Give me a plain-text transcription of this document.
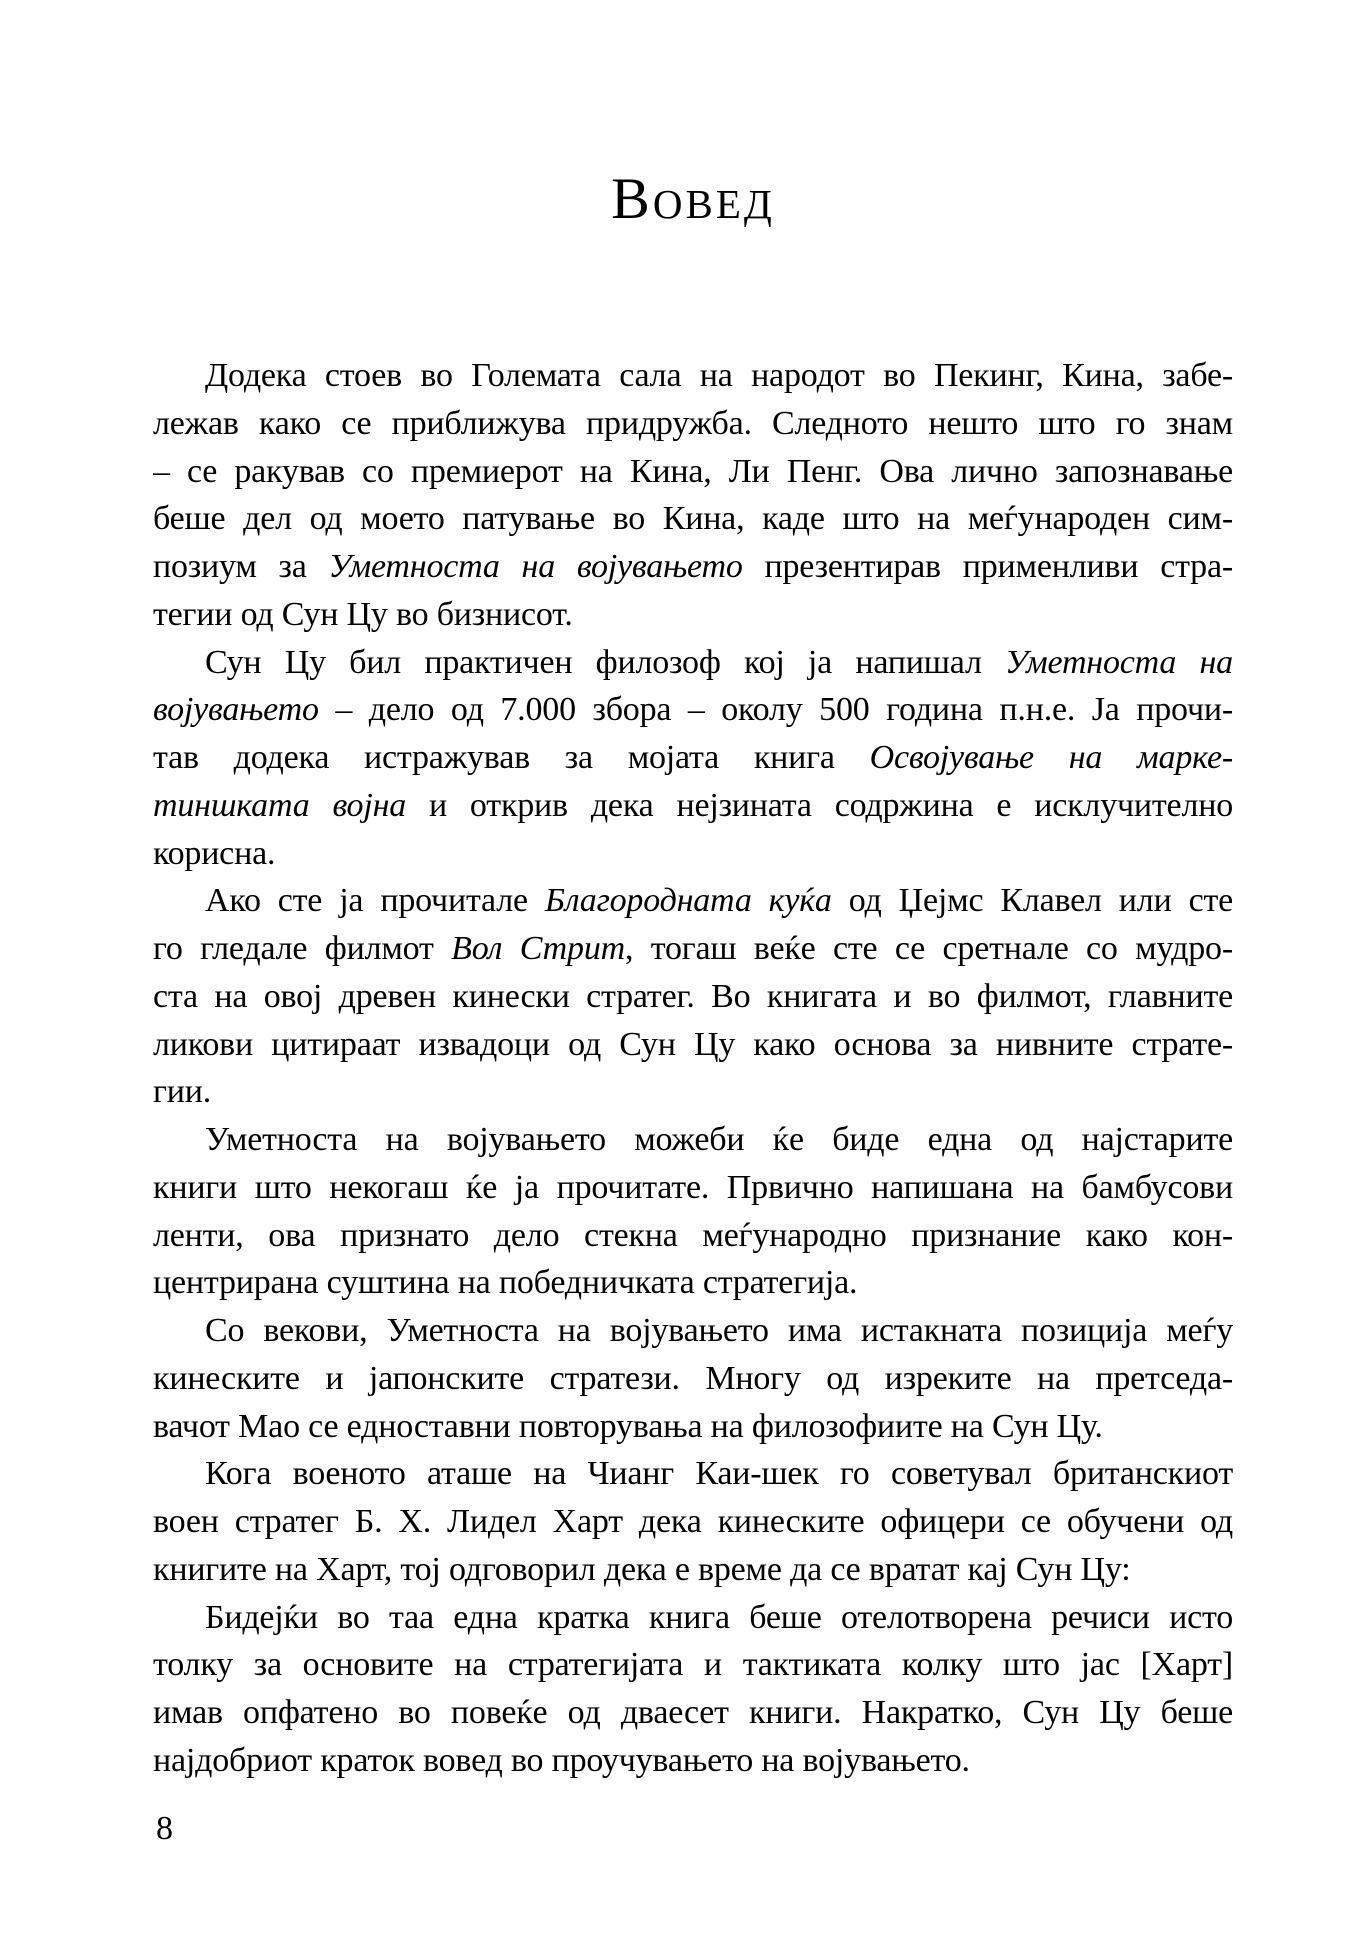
Вовед
Додека стоев во Големата сала на народот во Пекинг, Кина, забе-
лежав како се приближува придружба. Следното нешто што го знам
– се ракував со премиерот на Кина, Ли Пенг. Ова лично запознавање
беше дел од моето патување во Кина, каде што на меѓународен сим-
позиум за Уметноста на војувањето презентирав применливи стра-
тегии од Сун Цу во бизнисот.
Сун Цу бил практичен филозоф кој ја напишал Уметноста на
војувањето – дело од 7.000 збора – околу 500 година п.н.е. Ја прочи-
тав додека истражував за мојата книга Освојување на марке-
тиншката војна и открив дека нејзината содржина е исклучително
корисна.
Ако сте ја прочитале Благородната куќа од Џејмс Клавел или сте
го гледале филмот Вол Стрит, тогаш веќе сте се сретнале со мудро-
ста на овој древен кинески стратег. Во книгата и во филмот, главните
ликови цитираат извадоци од Сун Цу како основа за нивните страте-
гии.
Уметноста на војувањето можеби ќе биде една од најстарите
книги што некогаш ќе ја прочитате. Првично напишана на бамбусови
ленти, ова признато дело стекна меѓународно признание како кон-
центрирана суштина на победничката стратегија.
Со векови, Уметноста на војувањето има истакната позиција меѓу
кинеските и јапонските стратези. Многу од изреките на претседа-
вачот Мао се едноставни повторувања на филозофиите на Сун Цу.
Кога военото аташе на Чианг Каи-шек го советувал британскиот
воен стратег Б. Х. Лидел Харт дека кинеските офицери се обучени од
книгите на Харт, тој одговорил дека е време да се вратат кај Сун Цу:
Бидејќи во таа една кратка книга беше отелотворена речиси исто
толку за основите на стратегијата и тактиката колку што јас [Харт]
имав опфатено во повеќе од дваесет книги. Накратко, Сун Цу беше
најдобриот краток вовед во проучувањето на војувањето.
8
